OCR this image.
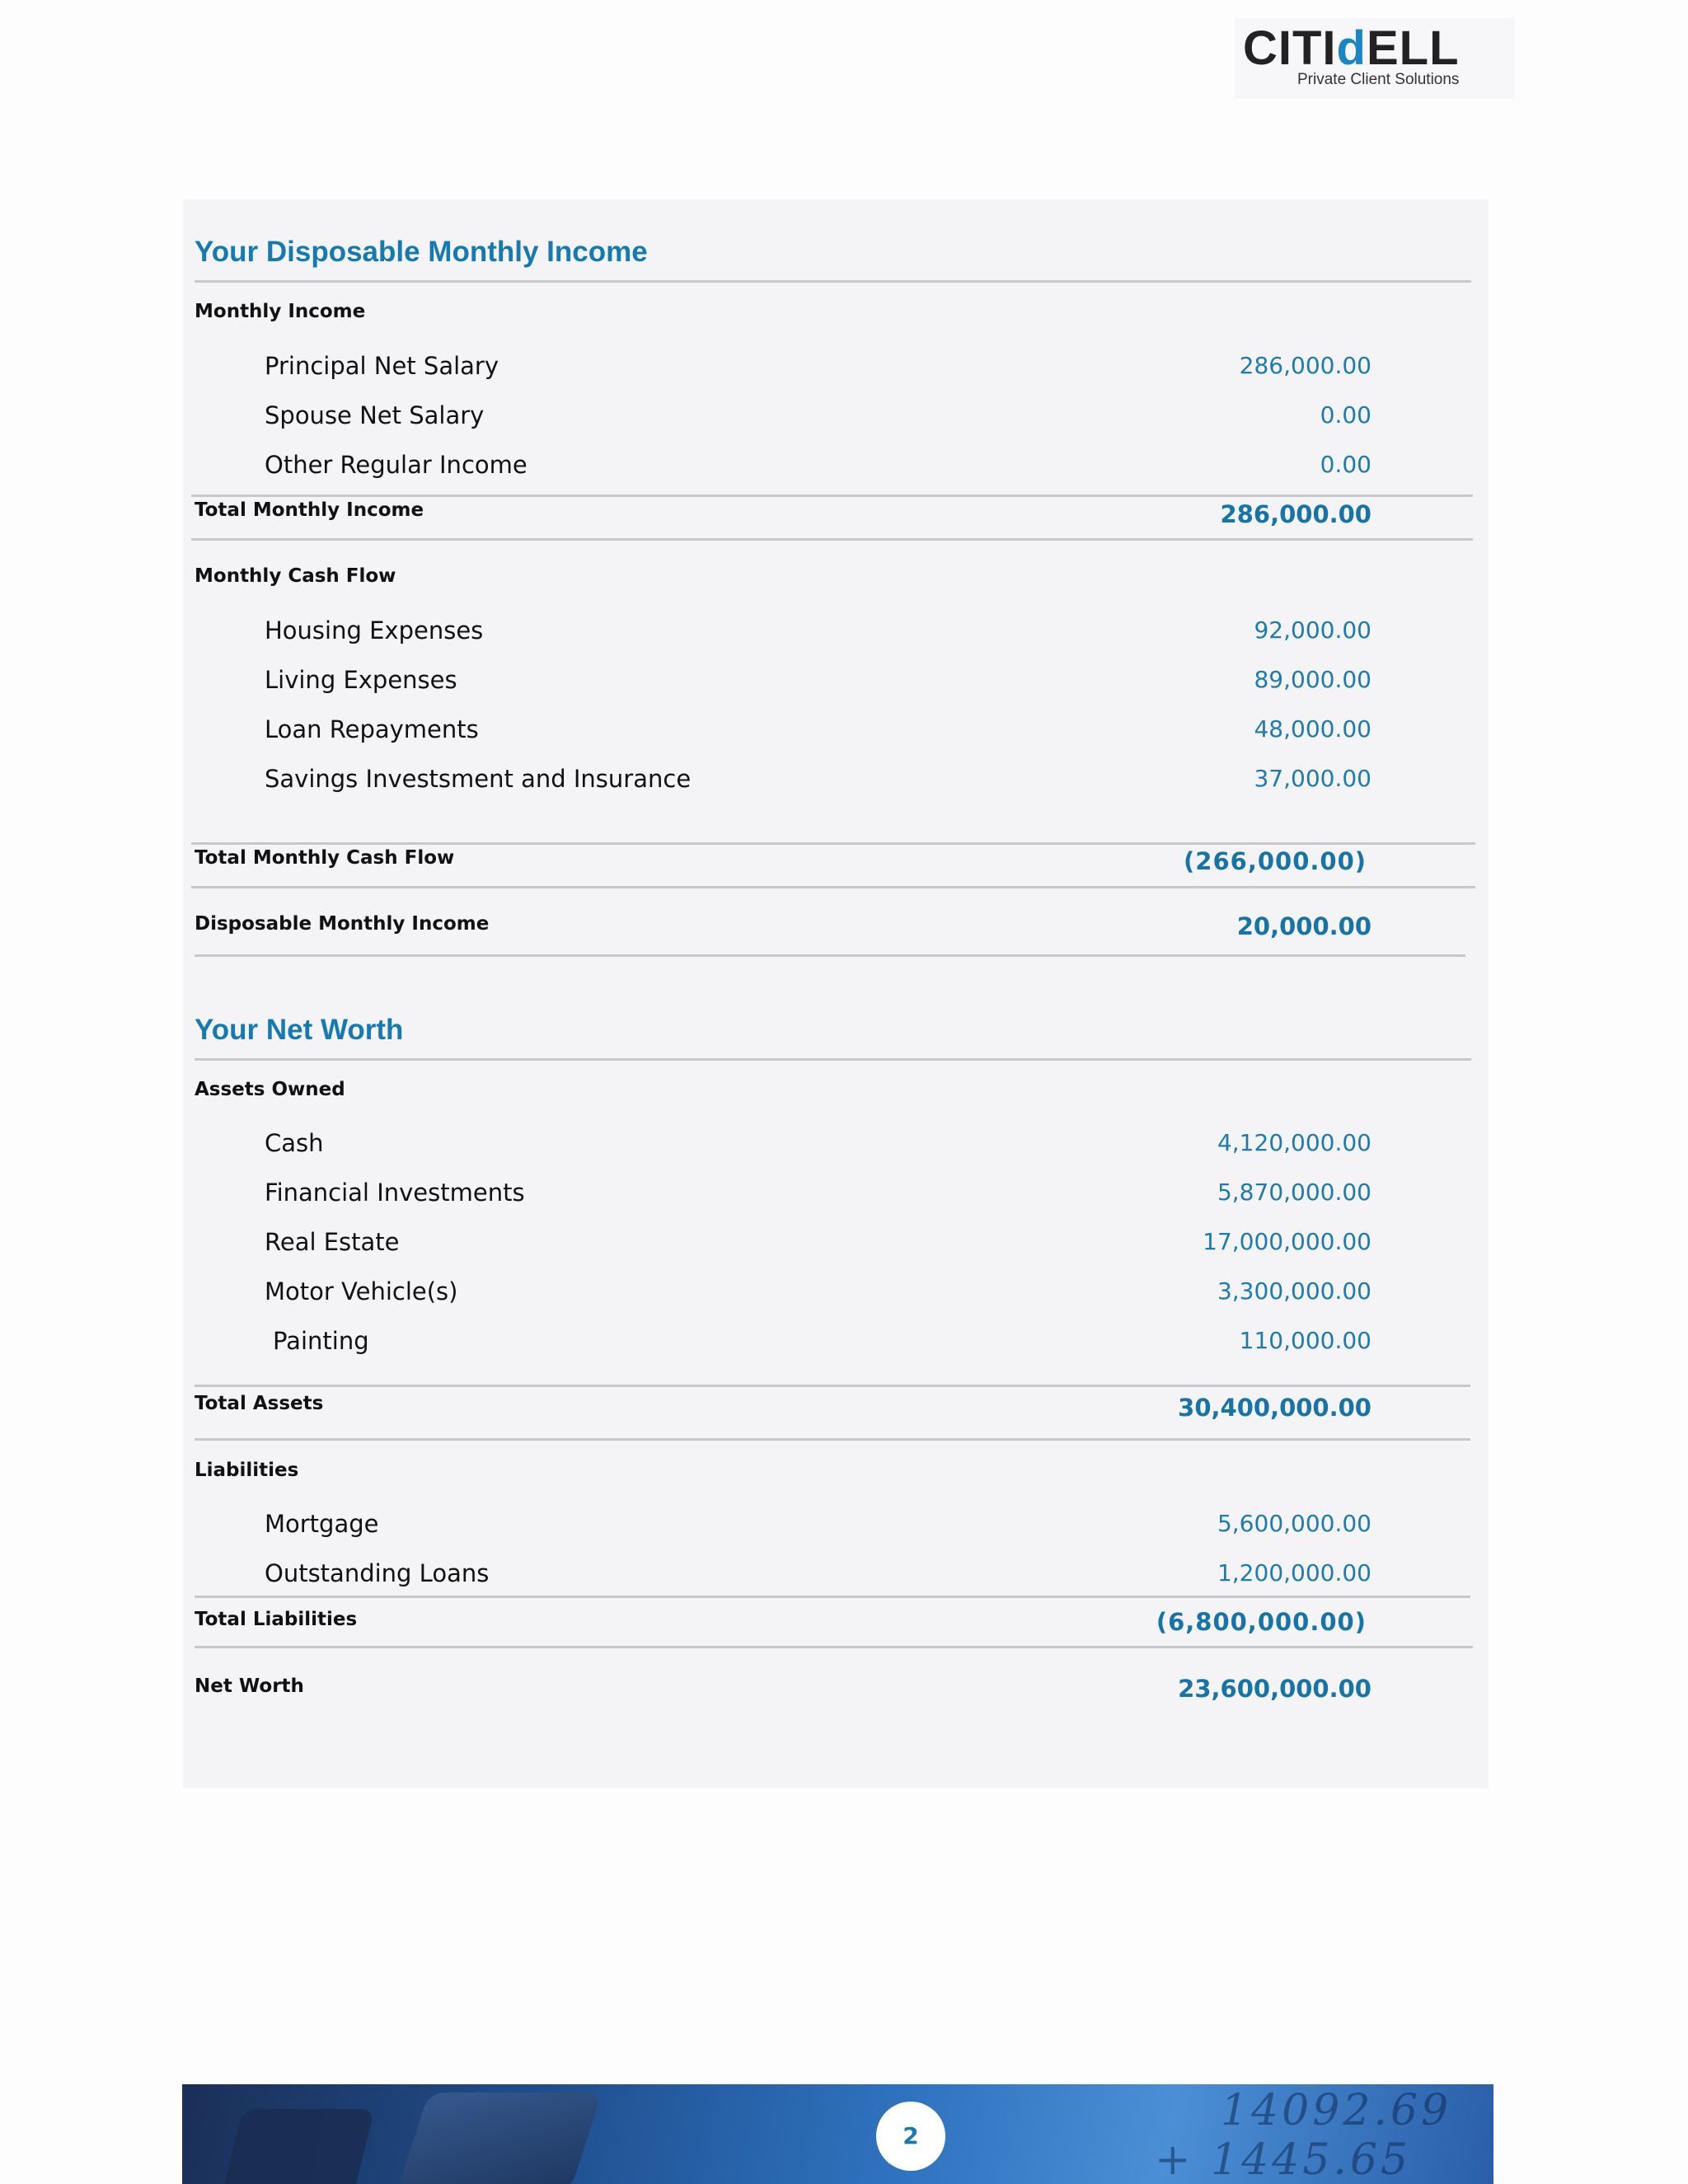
CITIdELL
Private Client Solutions
Your Disposable Monthly Income
Monthly Income
Principal Net Salary	286,000.00
Spouse Net Salary	0.00
Other Regular Income	0.00
Total Monthly Income	286,000.00
Monthly Cash Flow
Housing Expenses	92,000.00
Living Expenses	89,000.00
Loan Repayments	48,000.00
Savings Investsment and Insurance	37,000.00
Total Monthly Cash Flow	(266,000.00)
Disposable Monthly Income	20,000.00
Your Net Worth
Assets Owned
Cash	4,120,000.00
Financial Investments	5,870,000.00
Real Estate	17,000,000.00
Motor Vehicle(s)	3,300,000.00
Painting	110,000.00
Total Assets	30,400,000.00
Liabilities
Mortgage	5,600,000.00
Outstanding Loans	1,200,000.00
Total Liabilities	(6,800,000.00)
Net Worth	23,600,000.00
14092.69
+ 1445.65
2
